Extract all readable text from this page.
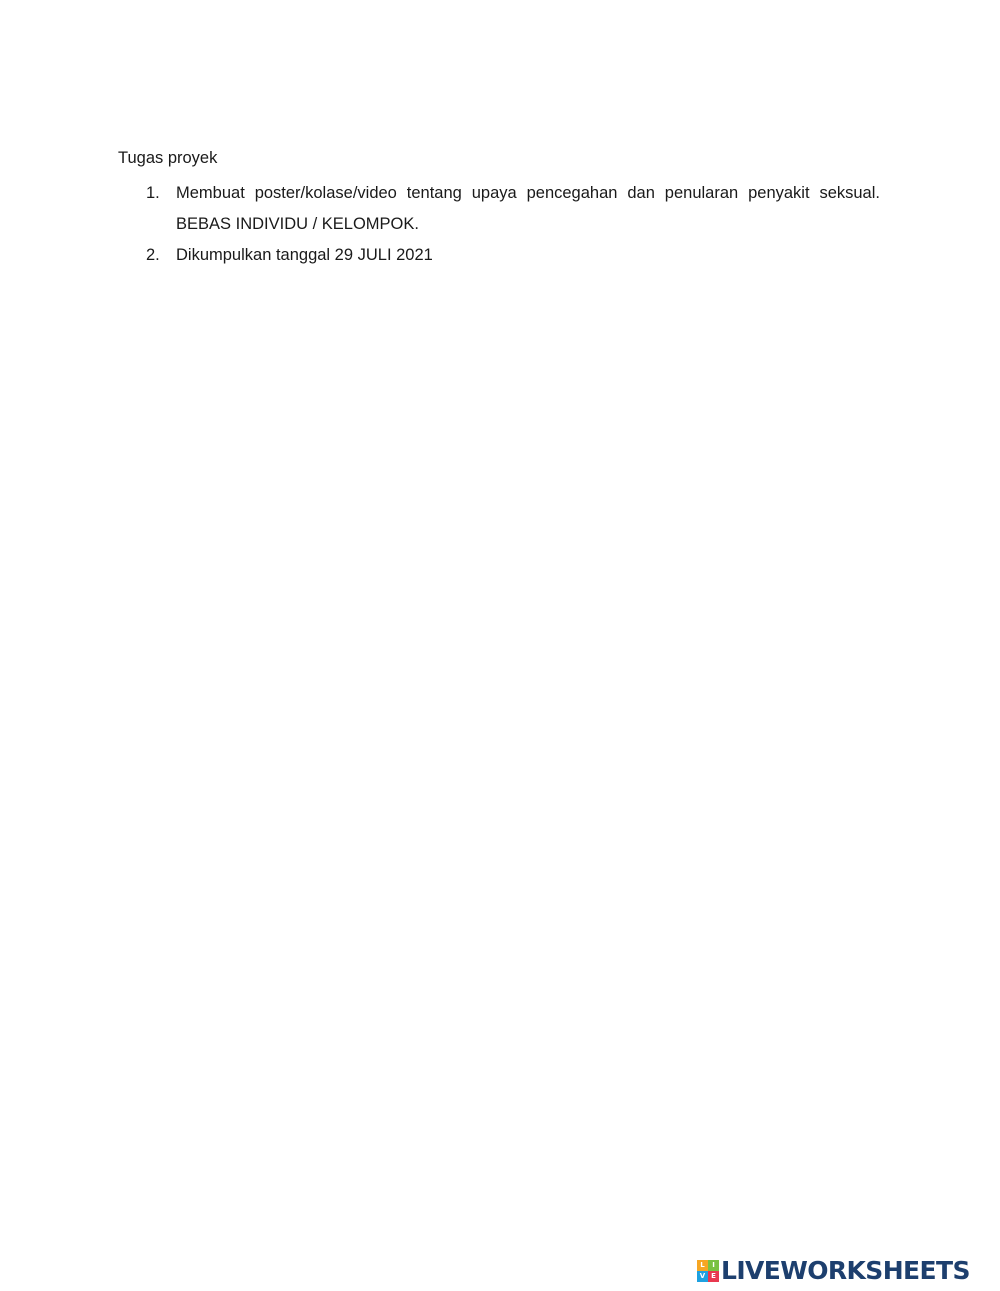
Tugas proyek
1. Membuat poster/kolase/video tentang upaya pencegahan dan penularan penyakit seksual. BEBAS INDIVIDU / KELOMPOK.
2. Dikumpulkan tanggal 29 JULI 2021
L	I
V E LIVEWORKSHEETS
